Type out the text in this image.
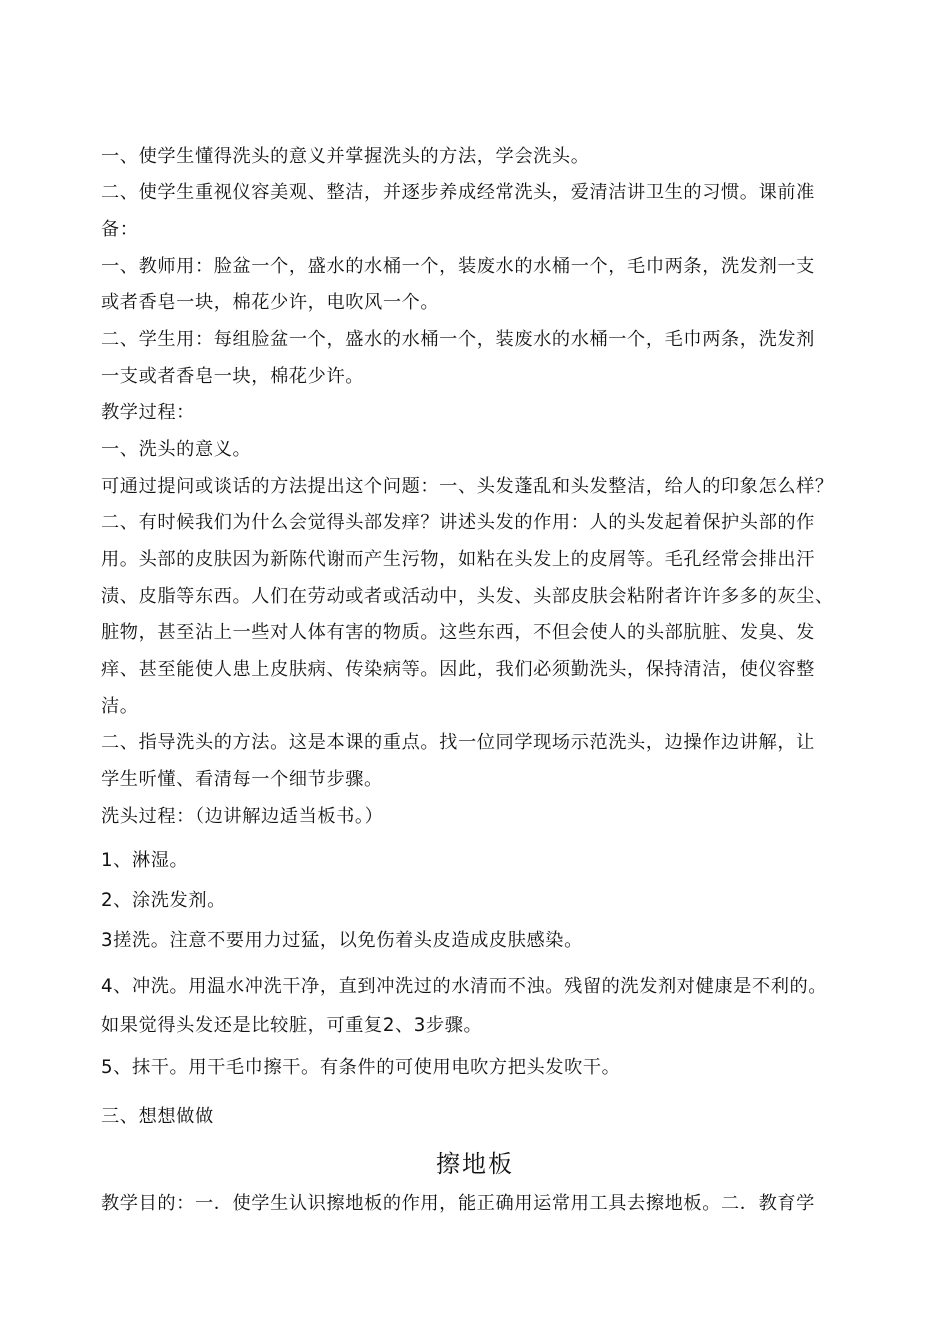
一、使学生懂得洗头的意义并掌握洗头的方法，学会洗头。
二、使学生重视仪容美观、整洁，并逐步养成经常洗头，爱清洁讲卫生的习惯。课前准
备：
一、教师用：脸盆一个，盛水的水桶一个，装废水的水桶一个，毛巾两条，洗发剂一支
或者香皂一块，棉花少许，电吹风一个。
二、学生用：每组脸盆一个，盛水的水桶一个，装废水的水桶一个，毛巾两条，洗发剂
一支或者香皂一块，棉花少许。
教学过程：
一、洗头的意义。
可通过提问或谈话的方法提出这个问题：一、头发蓬乱和头发整洁，给人的印象怎么样？
二、有时候我们为什么会觉得头部发痒？讲述头发的作用：人的头发起着保护头部的作
用。头部的皮肤因为新陈代谢而产生污物，如粘在头发上的皮屑等。毛孔经常会排出汗
渍、皮脂等东西。人们在劳动或者或活动中，头发、头部皮肤会粘附者许许多多的灰尘、
脏物，甚至沾上一些对人体有害的物质。这些东西，不但会使人的头部肮脏、发臭、发
痒、甚至能使人患上皮肤病、传染病等。因此，我们必须勤洗头，保持清洁，使仪容整
洁。
二、指导洗头的方法。这是本课的重点。找一位同学现场示范洗头，边操作边讲解，让
学生听懂、看清每一个细节步骤。
洗头过程：（边讲解边适当板书。）
1、淋湿。
2、涂洗发剂。
3搓洗。注意不要用力过猛，以免伤着头皮造成皮肤感染。
4、冲洗。用温水冲洗干净，直到冲洗过的水清而不浊。残留的洗发剂对健康是不利的。
如果觉得头发还是比较脏，可重复2、3步骤。
5、抹干。用干毛巾擦干。有条件的可使用电吹方把头发吹干。
三、想想做做
擦地板
教学目的：一．使学生认识擦地板的作用，能正确用运常用工具去擦地板。二．教育学
